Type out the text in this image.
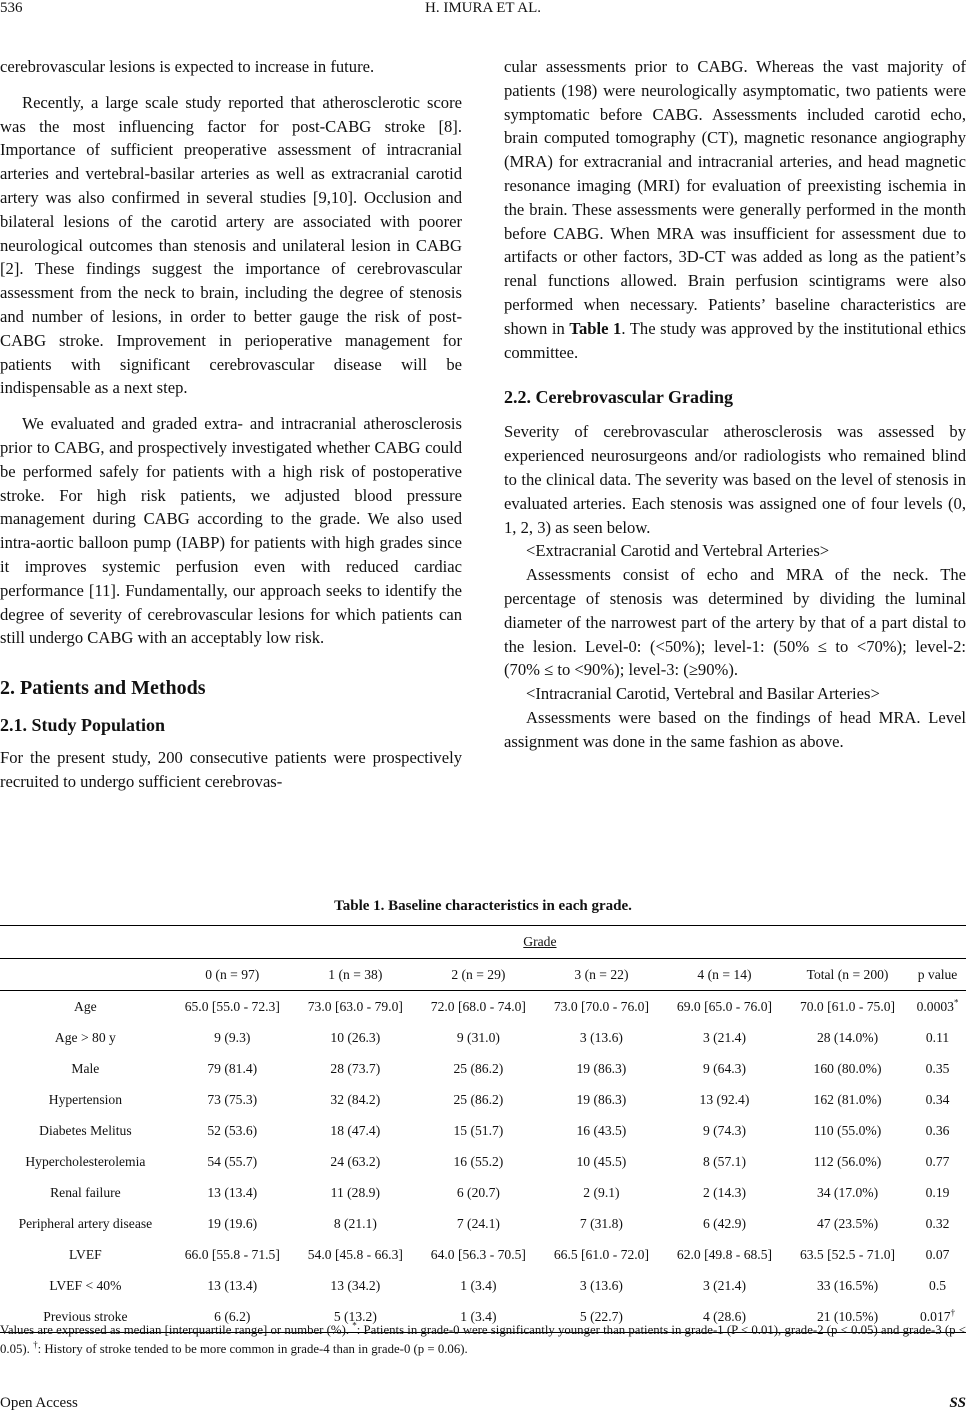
536	H. IMURA ET AL.

cerebrovascular lesions is expected to increase in future.

Recently, a large scale study reported that atherosclerotic score was the most influencing factor for post-CABG stroke [8]. Importance of sufficient preoperative assessment of intracranial arteries and vertebral-basilar arteries as well as extracranial carotid artery was also confirmed in several studies [9,10]. Occlusion and bilateral lesions of the carotid artery are associated with poorer neurological outcomes than stenosis and unilateral lesion in CABG [2]. These findings suggest the importance of cerebrovascular assessment from the neck to brain, including the degree of stenosis and number of lesions, in order to better gauge the risk of post-CABG stroke. Improvement in perioperative management for patients with significant cerebrovascular disease will be indispensable as a next step.

We evaluated and graded extra- and intracranial atherosclerosis prior to CABG, and prospectively investigated whether CABG could be performed safely for patients with a high risk of postoperative stroke. For high risk patients, we adjusted blood pressure management during CABG according to the grade. We also used intra-aortic balloon pump (IABP) for patients with high grades since it improves systemic perfusion even with reduced cardiac performance [11]. Fundamentally, our approach seeks to identify the degree of severity of cerebrovascular lesions for which patients can still undergo CABG with an acceptably low risk.

2. Patients and Methods
2.1. Study Population

For the present study, 200 consecutive patients were prospectively recruited to undergo sufficient cerebrovas-

cular assessments prior to CABG. Whereas the vast majority of patients (198) were neurologically asymptomatic, two patients were symptomatic before CABG. Assessments included carotid echo, brain computed tomography (CT), magnetic resonance angiography (MRA) for extracranial and intracranial arteries, and head magnetic resonance imaging (MRI) for evaluation of preexisting ischemia in the brain. These assessments were generally performed in the month before CABG. When MRA was insufficient for assessment due to artifacts or other factors, 3D-CT was added as long as the patient’s renal functions allowed. Brain perfusion scintigrams were also performed when necessary. Patients’ baseline characteristics are shown in Table 1. The study was approved by the institutional ethics committee.

2.2. Cerebrovascular Grading

Severity of cerebrovascular atherosclerosis was assessed by experienced neurosurgeons and/or radiologists who remained blind to the clinical data. The severity was based on the level of stenosis in evaluated arteries. Each stenosis was assigned one of four levels (0, 1, 2, 3) as seen below.

<Extracranial Carotid and Vertebral Arteries>

Assessments consist of echo and MRA of the neck. The percentage of stenosis was determined by dividing the luminal diameter of the narrowest part of the artery by that of a part distal to the lesion. Level-0: (<50%); level-1: (50% ≤ to <70%); level-2: (70% ≤ to <90%); level-3: (≥90%).

<Intracranial Carotid, Vertebral and Basilar Arteries>

Assessments were based on the findings of head MRA. Level assignment was done in the same fashion as above.

Table 1. Baseline characteristics in each grade.
	Grade						
	0 (n = 97)	1 (n = 38)	2 (n = 29)	3 (n = 22)	4 (n = 14)	Total (n = 200)	p value
Age	65.0 [55.0 - 72.3]	73.0 [63.0 - 79.0]	72.0 [68.0 - 74.0]	73.0 [70.0 - 76.0]	69.0 [65.0 - 76.0]	70.0 [61.0 - 75.0]	0.0003*
Age > 80 y	9 (9.3)	10 (26.3)	9 (31.0)	3 (13.6)	3 (21.4)	28 (14.0%)	0.11
Male	79 (81.4)	28 (73.7)	25 (86.2)	19 (86.3)	9 (64.3)	160 (80.0%)	0.35
Hypertension	73 (75.3)	32 (84.2)	25 (86.2)	19 (86.3)	13 (92.4)	162 (81.0%)	0.34
Diabetes Melitus	52 (53.6)	18 (47.4)	15 (51.7)	16 (43.5)	9 (74.3)	110 (55.0%)	0.36
Hypercholesterolemia	54 (55.7)	24 (63.2)	16 (55.2)	10 (45.5)	8 (57.1)	112 (56.0%)	0.77
Renal failure	13 (13.4)	11 (28.9)	6 (20.7)	2 (9.1)	2 (14.3)	34 (17.0%)	0.19
Peripheral artery disease	19 (19.6)	8 (21.1)	7 (24.1)	7 (31.8)	6 (42.9)	47 (23.5%)	0.32
LVEF	66.0 [55.8 - 71.5]	54.0 [45.8 - 66.3]	64.0 [56.3 - 70.5]	66.5 [61.0 - 72.0]	62.0 [49.8 - 68.5]	63.5 [52.5 - 71.0]	0.07
LVEF < 40%	13 (13.4)	13 (34.2)	1 (3.4)	3 (13.6)	3 (21.4)	33 (16.5%)	0.5
Previous stroke	6 (6.2)	5 (13.2)	1 (3.4)	5 (22.7)	4 (28.6)	21 (10.5%)	0.017†

Values are expressed as median [interquartile range] or number (%). *: Patients in grade-0 were significantly younger than patients in grade-1 (P < 0.01), grade-2 (p < 0.05) and grade-3 (p < 0.05). †: History of stroke tended to be more common in grade-4 than in grade-0 (p = 0.06).

Open Access	SS
